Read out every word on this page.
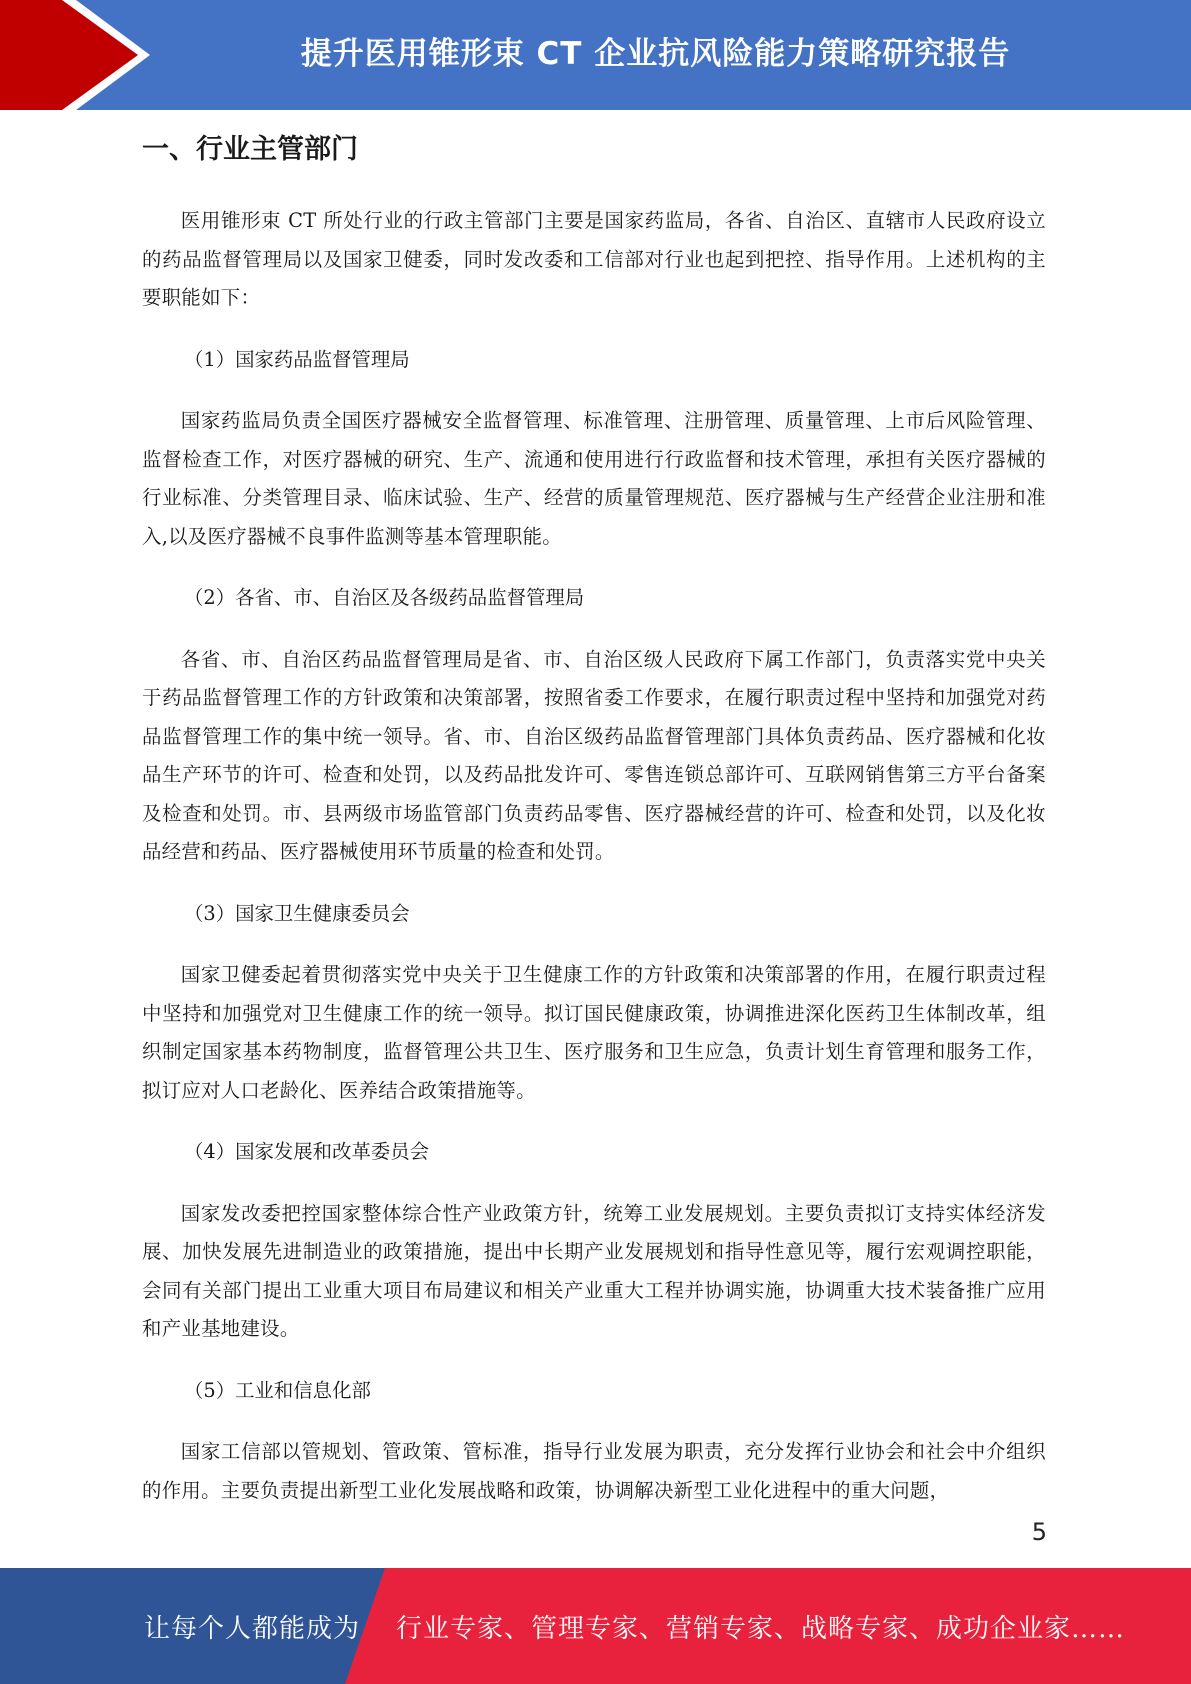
提升医用锥形束 CT 企业抗风险能力策略研究报告
一、行业主管部门

医用锥形束 CT 所处行业的行政主管部门主要是国家药监局，各省、自治区、直辖市人民政府设立的药品监督管理局以及国家卫健委，同时发改委和工信部对行业也起到把控、指导作用。上述机构的主要职能如下：

（1）国家药品监督管理局

国家药监局负责全国医疗器械安全监督管理、标准管理、注册管理、质量管理、上市后风险管理、监督检查工作，对医疗器械的研究、生产、流通和使用进行行政监督和技术管理，承担有关医疗器械的行业标准、分类管理目录、临床试验、生产、经营的质量管理规范、医疗器械与生产经营企业注册和准入,以及医疗器械不良事件监测等基本管理职能。

（2）各省、市、自治区及各级药品监督管理局

各省、市、自治区药品监督管理局是省、市、自治区级人民政府下属工作部门，负责落实党中央关于药品监督管理工作的方针政策和决策部署，按照省委工作要求，在履行职责过程中坚持和加强党对药品监督管理工作的集中统一领导。省、市、自治区级药品监督管理部门具体负责药品、医疗器械和化妆品生产环节的许可、检查和处罚，以及药品批发许可、零售连锁总部许可、互联网销售第三方平台备案及检查和处罚。市、县两级市场监管部门负责药品零售、医疗器械经营的许可、检查和处罚，以及化妆品经营和药品、医疗器械使用环节质量的检查和处罚。

（3）国家卫生健康委员会

国家卫健委起着贯彻落实党中央关于卫生健康工作的方针政策和决策部署的作用，在履行职责过程中坚持和加强党对卫生健康工作的统一领导。拟订国民健康政策，协调推进深化医药卫生体制改革，组织制定国家基本药物制度，监督管理公共卫生、医疗服务和卫生应急，负责计划生育管理和服务工作，拟订应对人口老龄化、医养结合政策措施等。

（4）国家发展和改革委员会

国家发改委把控国家整体综合性产业政策方针，统筹工业发展规划。主要负责拟订支持实体经济发展、加快发展先进制造业的政策措施，提出中长期产业发展规划和指导性意见等，履行宏观调控职能，会同有关部门提出工业重大项目布局建议和相关产业重大工程并协调实施，协调重大技术装备推广应用和产业基地建设。

（5）工业和信息化部

国家工信部以管规划、管政策、管标准，指导行业发展为职责，充分发挥行业协会和社会中介组织的作用。主要负责提出新型工业化发展战略和政策，协调解决新型工业化进程中的重大问题，

5
让每个人都能成为 行业专家、管理专家、营销专家、战略专家、成功企业家……
